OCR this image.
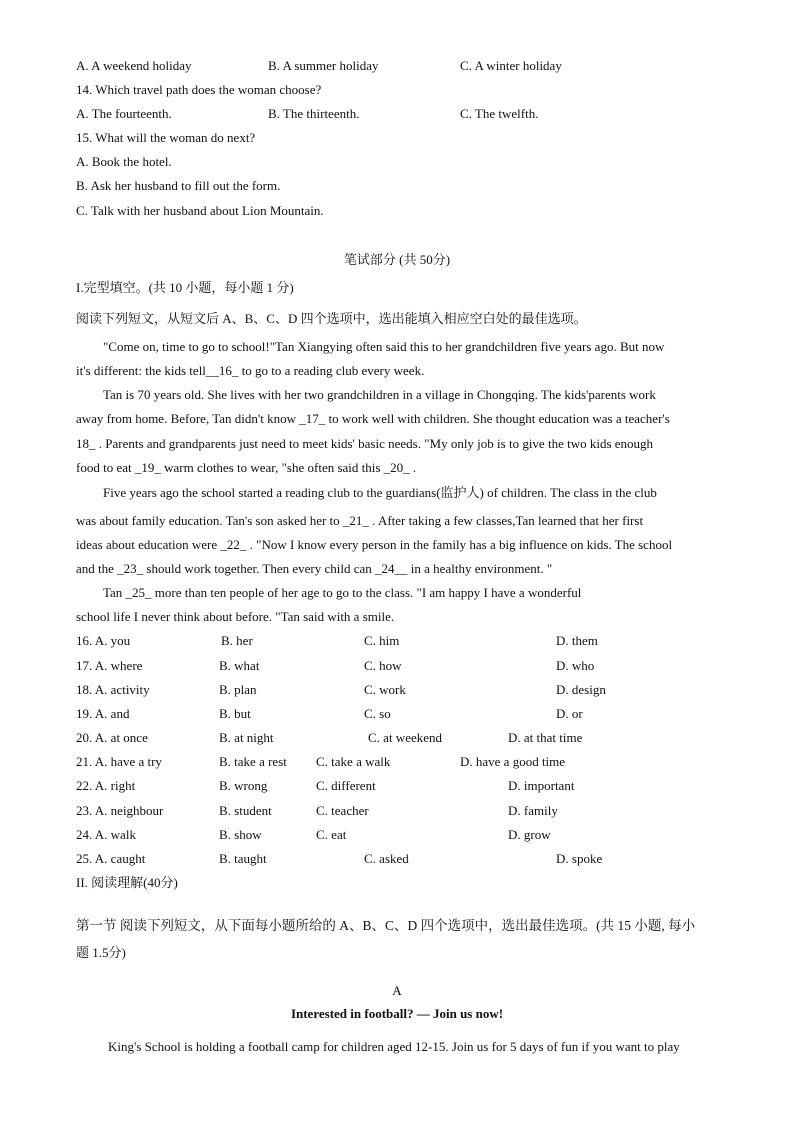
A. A weekend holiday	B. A summer holiday	C. A winter holiday
14. Which travel path does the woman choose?
A. The fourteenth.	B. The thirteenth.	C. The twelfth.
15. What will the woman do next?
A. Book the hotel.
B. Ask her husband to fill out the form.
C. Talk with her husband about Lion Mountain.
笔试部分 (共 50分)
I.完型填空。(共 10 小题，每小题 1 分)
阅读下列短文，从短文后 A、B、C、D 四个选项中，选出能填入相应空白处的最佳选项。
"Come on, time to go to school!"Tan Xiangying often said this to her grandchildren five years ago. But now
it's different: the kids tell__16_ to go to a reading club every week.
Tan is 70 years old. She lives with her two grandchildren in a village in Chongqing. The kids'parents work
away from home. Before, Tan didn't know _17_ to work well with children. She thought education was a teacher's
18_ . Parents and grandparents just need to meet kids' basic needs. "My only job is to give the two kids enough
food to eat _19_ warm clothes to wear, "she often said this _20_ .
Five years ago the school started a reading club to the guardians(监护人) of children. The class in the club
was about family education. Tan's son asked her to _21_ . After taking a few classes,Tan learned that her first
ideas about education were _22_ . "Now I know every person in the family has a big influence on kids. The school
and the _23_ should work together. Then every child can _24__ in a healthy environment. "
Tan _25_ more than ten people of her age to go to the class. "I am happy I have a wonderful
school life I never think about before. "Tan said with a smile.
16. A. you	B. her	C. him	D. them
17. A. where	B. what	C. how	D. who
18. A. activity	B. plan	C. work	D. design
19. A. and	B. but	C. so	D. or
20. A. at once	B. at night	C. at weekend	D. at that time
21. A. have a try	B. take a rest C. take a walk	D. have a good time
22. A. right	B. wrong	C. different	D. important
23. A. neighbour	B. student	C. teacher	D. family
24. A. walk	B. show	C. eat	D. grow
25. A. caught	B. taught	C. asked	D. spoke
II. 阅读理解(40分)
第一节 阅读下列短文，从下面每小题所给的 A、B、C、D 四个选项中，选出最佳选项。(共 15 小题, 每小
题 1.5分)
A
Interested in football? — Join us now!
King's School is holding a football camp for children aged 12-15. Join us for 5 days of fun if you want to play
